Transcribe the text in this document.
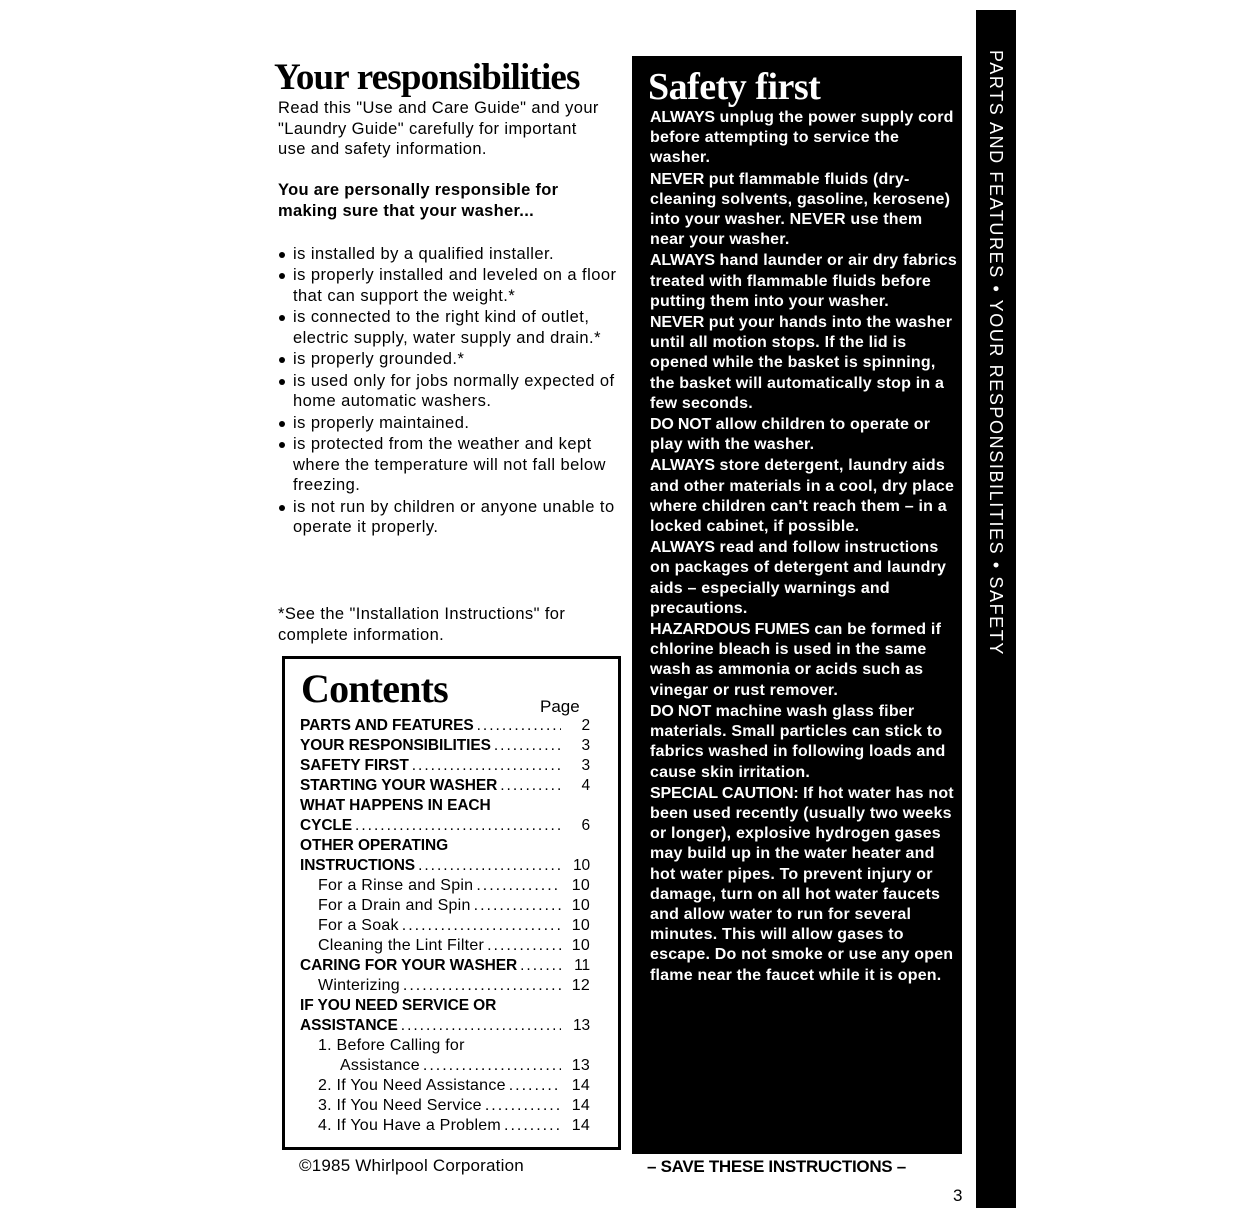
Your responsibilities

Read this "Use and Care Guide" and your "Laundry Guide" carefully for important use and safety information.

You are personally responsible for making sure that your washer...

is installed by a qualified installer.
is properly installed and leveled on a floor that can support the weight.*
is connected to the right kind of outlet, electric supply, water supply and drain.*
is properly grounded.*
is used only for jobs normally expected of home automatic washers.
is properly maintained.
is protected from the weather and kept where the temperature will not fall below freezing.
is not run by children or anyone unable to operate it properly.

*See the "Installation Instructions" for complete information.

Contents	Page
PARTS AND FEATURES .....	2
YOUR RESPONSIBILITIES .....	3
SAFETY FIRST .....	3
STARTING YOUR WASHER .....	4
WHAT HAPPENS IN EACH
CYCLE .....	6
OTHER OPERATING
INSTRUCTIONS .....	10
For a Rinse and Spin .....	10
For a Drain and Spin .....	10
For a Soak .....	10
Cleaning the Lint Filter .....	10
CARING FOR YOUR WASHER .....	11
Winterizing .....	12
IF YOU NEED SERVICE OR
ASSISTANCE .....	13
1. Before Calling for
Assistance .....	13
2. If You Need Assistance .....	14
3. If You Need Service .....	14
4. If You Have a Problem .....	14
©1985 Whirlpool Corporation
Safety first
ALWAYS unplug the power supply cord before attempting to service the washer.
NEVER put flammable fluids (dry-cleaning solvents, gasoline, kerosene) into your washer. NEVER use them near your washer.
ALWAYS hand launder or air dry fabrics treated with flammable fluids before putting them into your washer.
NEVER put your hands into the washer until all motion stops. If the lid is opened while the basket is spinning, the basket will automatically stop in a few seconds.
DO NOT allow children to operate or play with the washer.
ALWAYS store detergent, laundry aids and other materials in a cool, dry place where children can't reach them – in a locked cabinet, if possible.
ALWAYS read and follow instructions on packages of detergent and laundry aids – especially warnings and precautions.
HAZARDOUS FUMES can be formed if chlorine bleach is used in the same wash as ammonia or acids such as vinegar or rust remover.
DO NOT machine wash glass fiber materials. Small particles can stick to fabrics washed in following loads and cause skin irritation.
SPECIAL CAUTION: If hot water has not been used recently (usually two weeks or longer), explosive hydrogen gases may build up in the water heater and hot water pipes. To prevent injury or damage, turn on all hot water faucets and allow water to run for several minutes. This will allow gases to escape. Do not smoke or use any open flame near the faucet while it is open.
– SAVE THESE INSTRUCTIONS –
PARTS AND FEATURES • YOUR RESPONSIBILITIES • SAFETY
3
